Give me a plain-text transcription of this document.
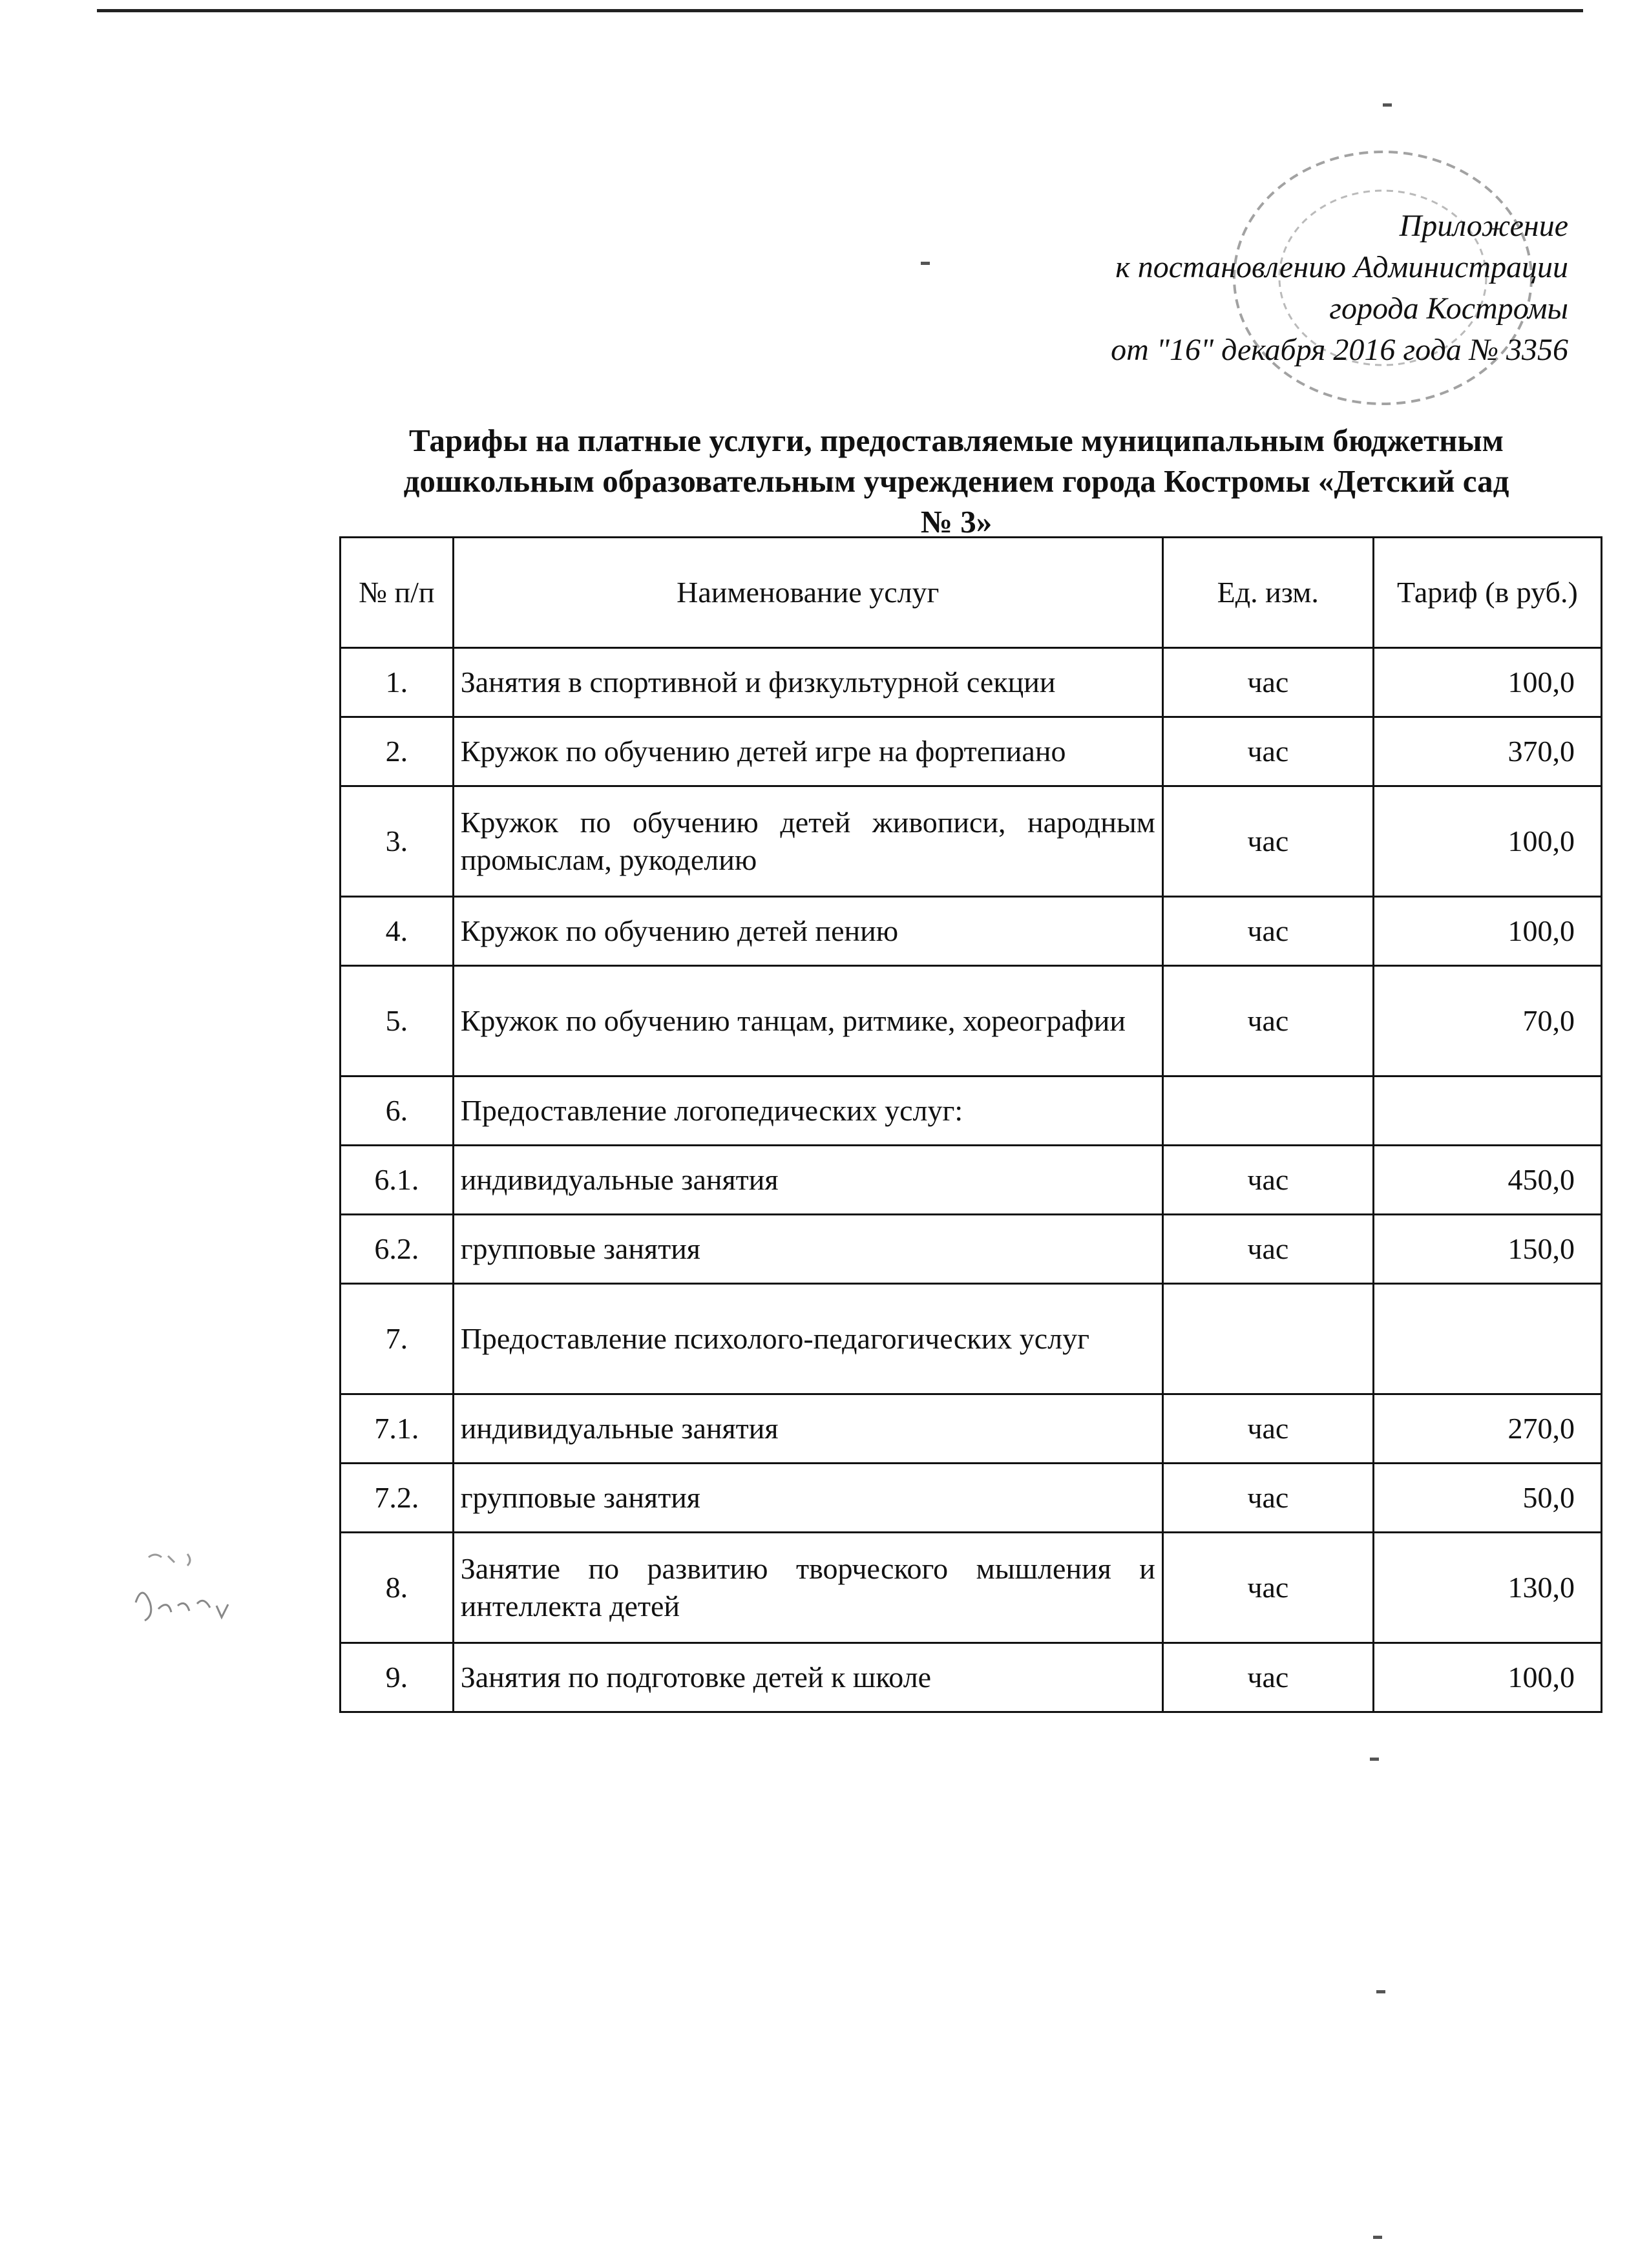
Приложение
к постановлению Администрации
города Костромы
от "16" декабря 2016 года № 3356
Тарифы на платные услуги, предоставляемые муниципальным бюджетным
дошкольным образовательным учреждением города Костромы «Детский сад
№ 3»
№ п/п	Наименование услуг	Ед. изм.	Тариф (в руб.)
1.	Занятия в спортивной и физкультурной секции	час	100,0
2.	Кружок по обучению детей игре на фортепиано	час	370,0
3.	Кружок по обучению детей живописи, народным промыслам, рукоделию	час	100,0
4.	Кружок по обучению детей пению	час	100,0
5.	Кружок по обучению танцам, ритмике, хореографии	час	70,0
6.	Предоставление логопедических услуг:		
6.1.	индивидуальные занятия	час	450,0
6.2.	групповые занятия	час	150,0
7.	Предоставление психолого-педагогических услуг		
7.1.	индивидуальные занятия	час	270,0
7.2.	групповые занятия	час	50,0
8.	Занятие по развитию творческого мышления и интеллекта детей	час	130,0
9.	Занятия по подготовке детей к школе	час	100,0
